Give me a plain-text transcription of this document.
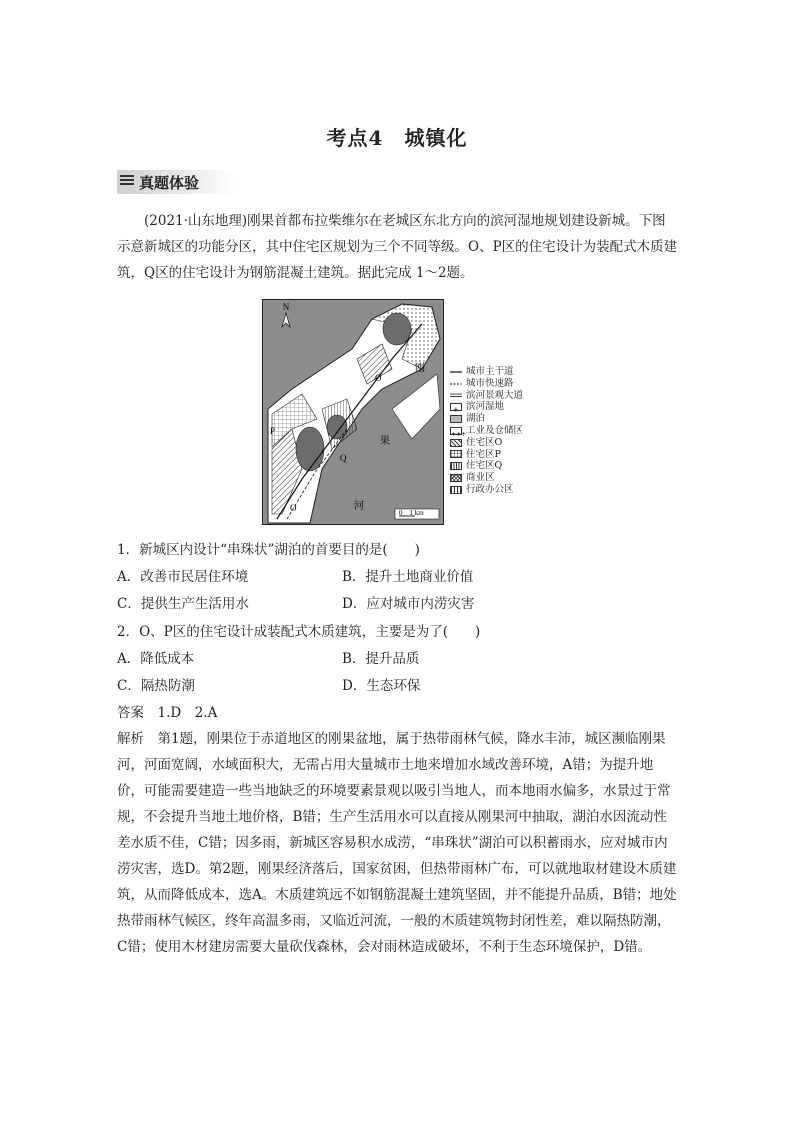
考点4　城镇化
真题体验
(2021·山东地理)刚果首都布拉柴维尔在老城区东北方向的滨河湿地规划建设新城。下图示意新城区的功能分区，其中住宅区规划为三个不同等级。O、P区的住宅设计为装配式木质建筑，Q区的住宅设计为钢筋混凝土建筑。据此完成 1～2题。
N
刚
果
河
P
O
O
Q
0　1 km
城市主干道
城市快速路
滨河景观大道
+ 滨河湿地
湖泊
+++ 工业及仓储区
住宅区O
住宅区P
住宅区Q
商业区
行政办公区
1．新城区内设计“串珠状”湖泊的首要目的是(　　)
A．改善市民居住环境	B．提升土地商业价值
C．提供生产生活用水	D．应对城市内涝灾害
2．O、P区的住宅设计成装配式木质建筑，主要是为了(　　)
A．降低成本	B．提升品质
C．隔热防潮	D．生态环保
答案　1.D　2.A
解析　第1题，刚果位于赤道地区的刚果盆地，属于热带雨林气候，降水丰沛，城区濒临刚果河，河面宽阔，水域面积大，无需占用大量城市土地来增加水域改善环境，A错；为提升地价，可能需要建造一些当地缺乏的环境要素景观以吸引当地人，而本地雨水偏多，水景过于常规，不会提升当地土地价格，B错；生产生活用水可以直接从刚果河中抽取，湖泊水因流动性差水质不佳，C错；因多雨，新城区容易积水成涝，“串珠状”湖泊可以积蓄雨水，应对城市内涝灾害，选D。第2题，刚果经济落后，国家贫困，但热带雨林广布，可以就地取材建设木质建筑，从而降低成本，选A。木质建筑远不如钢筋混凝土建筑坚固，并不能提升品质，B错；地处热带雨林气候区，终年高温多雨，又临近河流，一般的木质建筑物封闭性差，难以隔热防潮，C错；使用木材建房需要大量砍伐森林，会对雨林造成破坏，不利于生态环境保护，D错。
